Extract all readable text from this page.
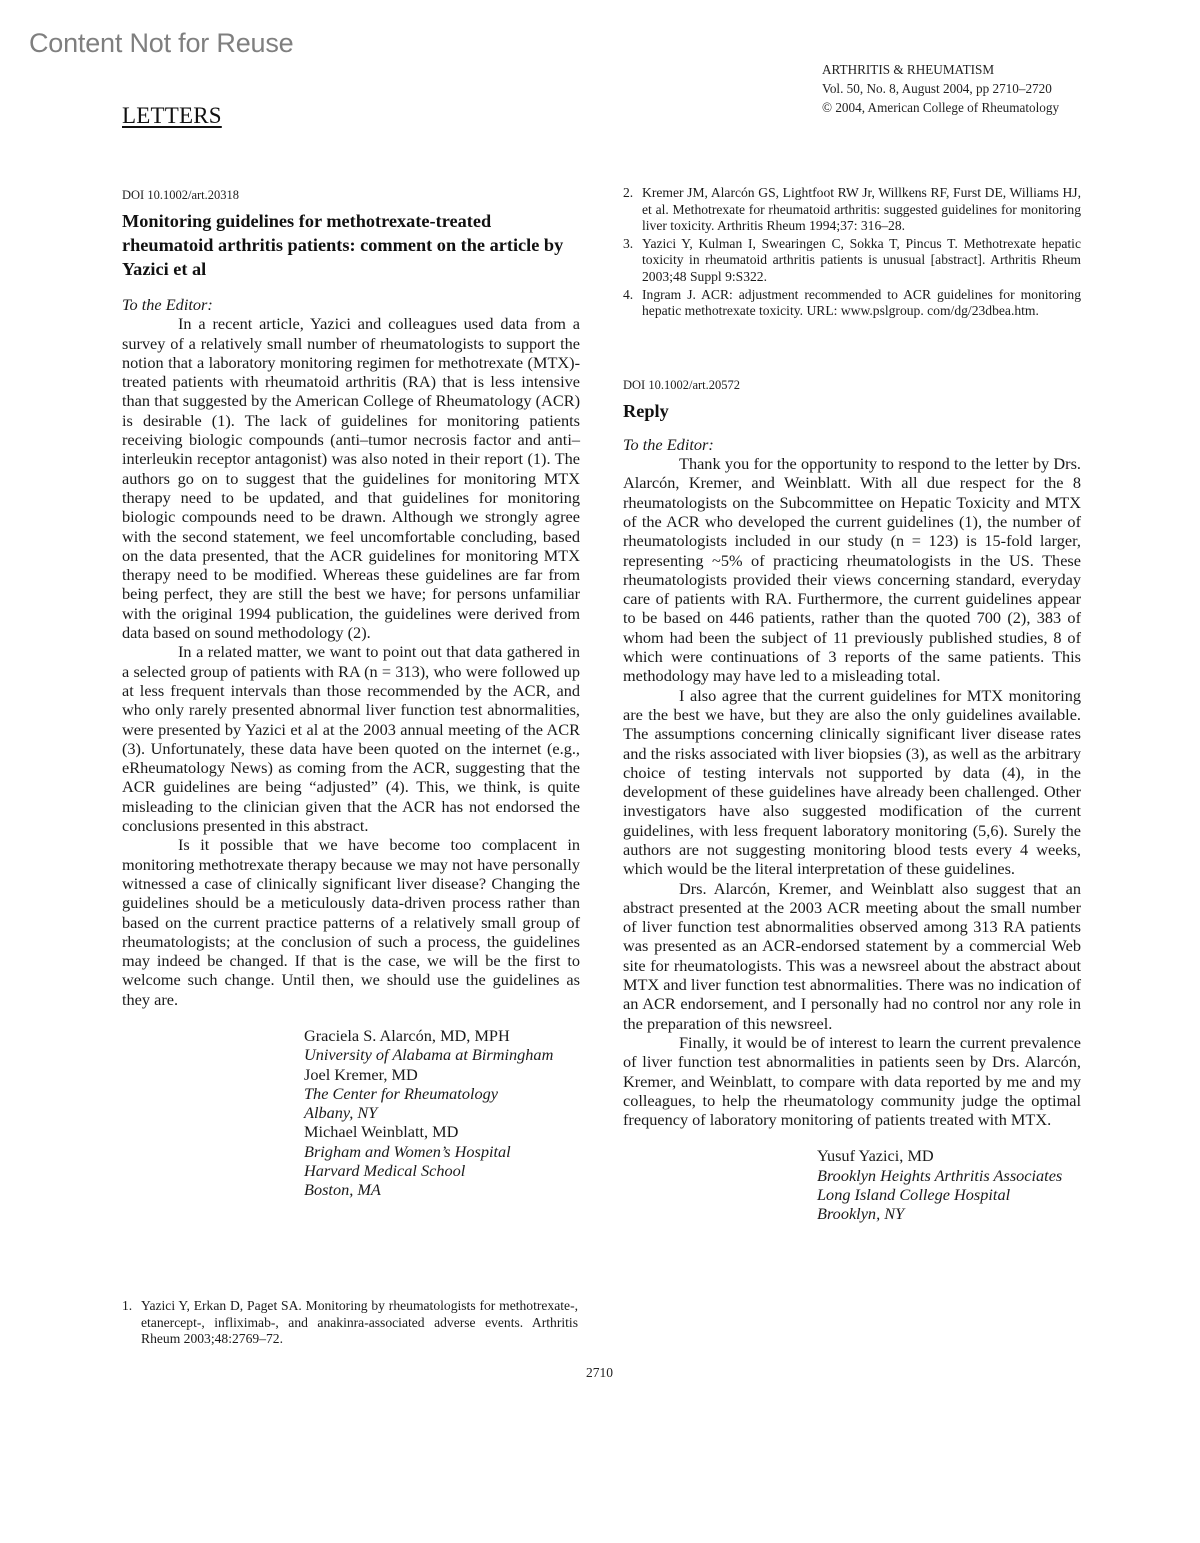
Content Not for Reuse
ARTHRITIS & RHEUMATISM
Vol. 50, No. 8, August 2004, pp 2710–2720
© 2004, American College of Rheumatology
LETTERS
DOI 10.1002/art.20318
Monitoring guidelines for methotrexate-treated rheumatoid arthritis patients: comment on the article by Yazici et al
To the Editor:

In a recent article, Yazici and colleagues used data from a survey of a relatively small number of rheumatologists to support the notion that a laboratory monitoring regimen for methotrexate (MTX)-treated patients with rheumatoid arthritis (RA) that is less intensive than that suggested by the American College of Rheumatology (ACR) is desirable (1). The lack of guidelines for monitoring patients receiving biologic compounds (anti–tumor necrosis factor and anti–interleukin receptor antagonist) was also noted in their report (1). The authors go on to suggest that the guidelines for monitoring MTX therapy need to be updated, and that guidelines for monitoring biologic compounds need to be drawn. Although we strongly agree with the second statement, we feel uncomfortable concluding, based on the data presented, that the ACR guidelines for monitoring MTX therapy need to be modified. Whereas these guidelines are far from being perfect, they are still the best we have; for persons unfamiliar with the original 1994 publication, the guidelines were derived from data based on sound methodology (2).

In a related matter, we want to point out that data gathered in a selected group of patients with RA (n = 313), who were followed up at less frequent intervals than those recommended by the ACR, and who only rarely presented abnormal liver function test abnormalities, were presented by Yazici et al at the 2003 annual meeting of the ACR (3). Unfortunately, these data have been quoted on the internet (e.g., eRheumatology News) as coming from the ACR, suggesting that the ACR guidelines are being “adjusted” (4). This, we think, is quite misleading to the clinician given that the ACR has not endorsed the conclusions presented in this abstract.

Is it possible that we have become too complacent in monitoring methotrexate therapy because we may not have personally witnessed a case of clinically significant liver disease? Changing the guidelines should be a meticulously data-driven process rather than based on the current practice patterns of a relatively small group of rheumatologists; at the conclusion of such a process, the guidelines may indeed be changed. If that is the case, we will be the first to welcome such change. Until then, we should use the guidelines as they are.

Graciela S. Alarcón, MD, MPH
University of Alabama at Birmingham
Joel Kremer, MD
The Center for Rheumatology
Albany, NY
Michael Weinblatt, MD
Brigham and Women’s Hospital
Harvard Medical School
Boston, MA
1. Yazici Y, Erkan D, Paget SA. Monitoring by rheumatologists for methotrexate-, etanercept-, infliximab-, and anakinra-associated adverse events. Arthritis Rheum 2003;48:2769–72.
2. Kremer JM, Alarcón GS, Lightfoot RW Jr, Willkens RF, Furst DE, Williams HJ, et al. Methotrexate for rheumatoid arthritis: suggested guidelines for monitoring liver toxicity. Arthritis Rheum 1994;37: 316–28.
3. Yazici Y, Kulman I, Swearingen C, Sokka T, Pincus T. Methotrexate hepatic toxicity in rheumatoid arthritis patients is unusual [abstract]. Arthritis Rheum 2003;48 Suppl 9:S322.
4. Ingram J. ACR: adjustment recommended to ACR guidelines for monitoring hepatic methotrexate toxicity. URL: www.pslgroup. com/dg/23dbea.htm.
DOI 10.1002/art.20572
Reply
To the Editor:

Thank you for the opportunity to respond to the letter by Drs. Alarcón, Kremer, and Weinblatt. With all due respect for the 8 rheumatologists on the Subcommittee on Hepatic Toxicity and MTX of the ACR who developed the current guidelines (1), the number of rheumatologists included in our study (n = 123) is 15-fold larger, representing ~5% of practicing rheumatologists in the US. These rheumatologists provided their views concerning standard, everyday care of patients with RA. Furthermore, the current guidelines appear to be based on 446 patients, rather than the quoted 700 (2), 383 of whom had been the subject of 11 previously published studies, 8 of which were continuations of 3 reports of the same patients. This methodology may have led to a misleading total.

I also agree that the current guidelines for MTX monitoring are the best we have, but they are also the only guidelines available. The assumptions concerning clinically significant liver disease rates and the risks associated with liver biopsies (3), as well as the arbitrary choice of testing intervals not supported by data (4), in the development of these guidelines have already been challenged. Other investigators have also suggested modification of the current guidelines, with less frequent laboratory monitoring (5,6). Surely the authors are not suggesting monitoring blood tests every 4 weeks, which would be the literal interpretation of these guidelines.

Drs. Alarcón, Kremer, and Weinblatt also suggest that an abstract presented at the 2003 ACR meeting about the small number of liver function test abnormalities observed among 313 RA patients was presented as an ACR-endorsed statement by a commercial Web site for rheumatologists. This was a newsreel about the abstract about MTX and liver function test abnormalities. There was no indication of an ACR endorsement, and I personally had no control nor any role in the preparation of this newsreel.

Finally, it would be of interest to learn the current prevalence of liver function test abnormalities in patients seen by Drs. Alarcón, Kremer, and Weinblatt, to compare with data reported by me and my colleagues, to help the rheumatology community judge the optimal frequency of laboratory monitoring of patients treated with MTX.

Yusuf Yazici, MD
Brooklyn Heights Arthritis Associates
Long Island College Hospital
Brooklyn, NY
2710
